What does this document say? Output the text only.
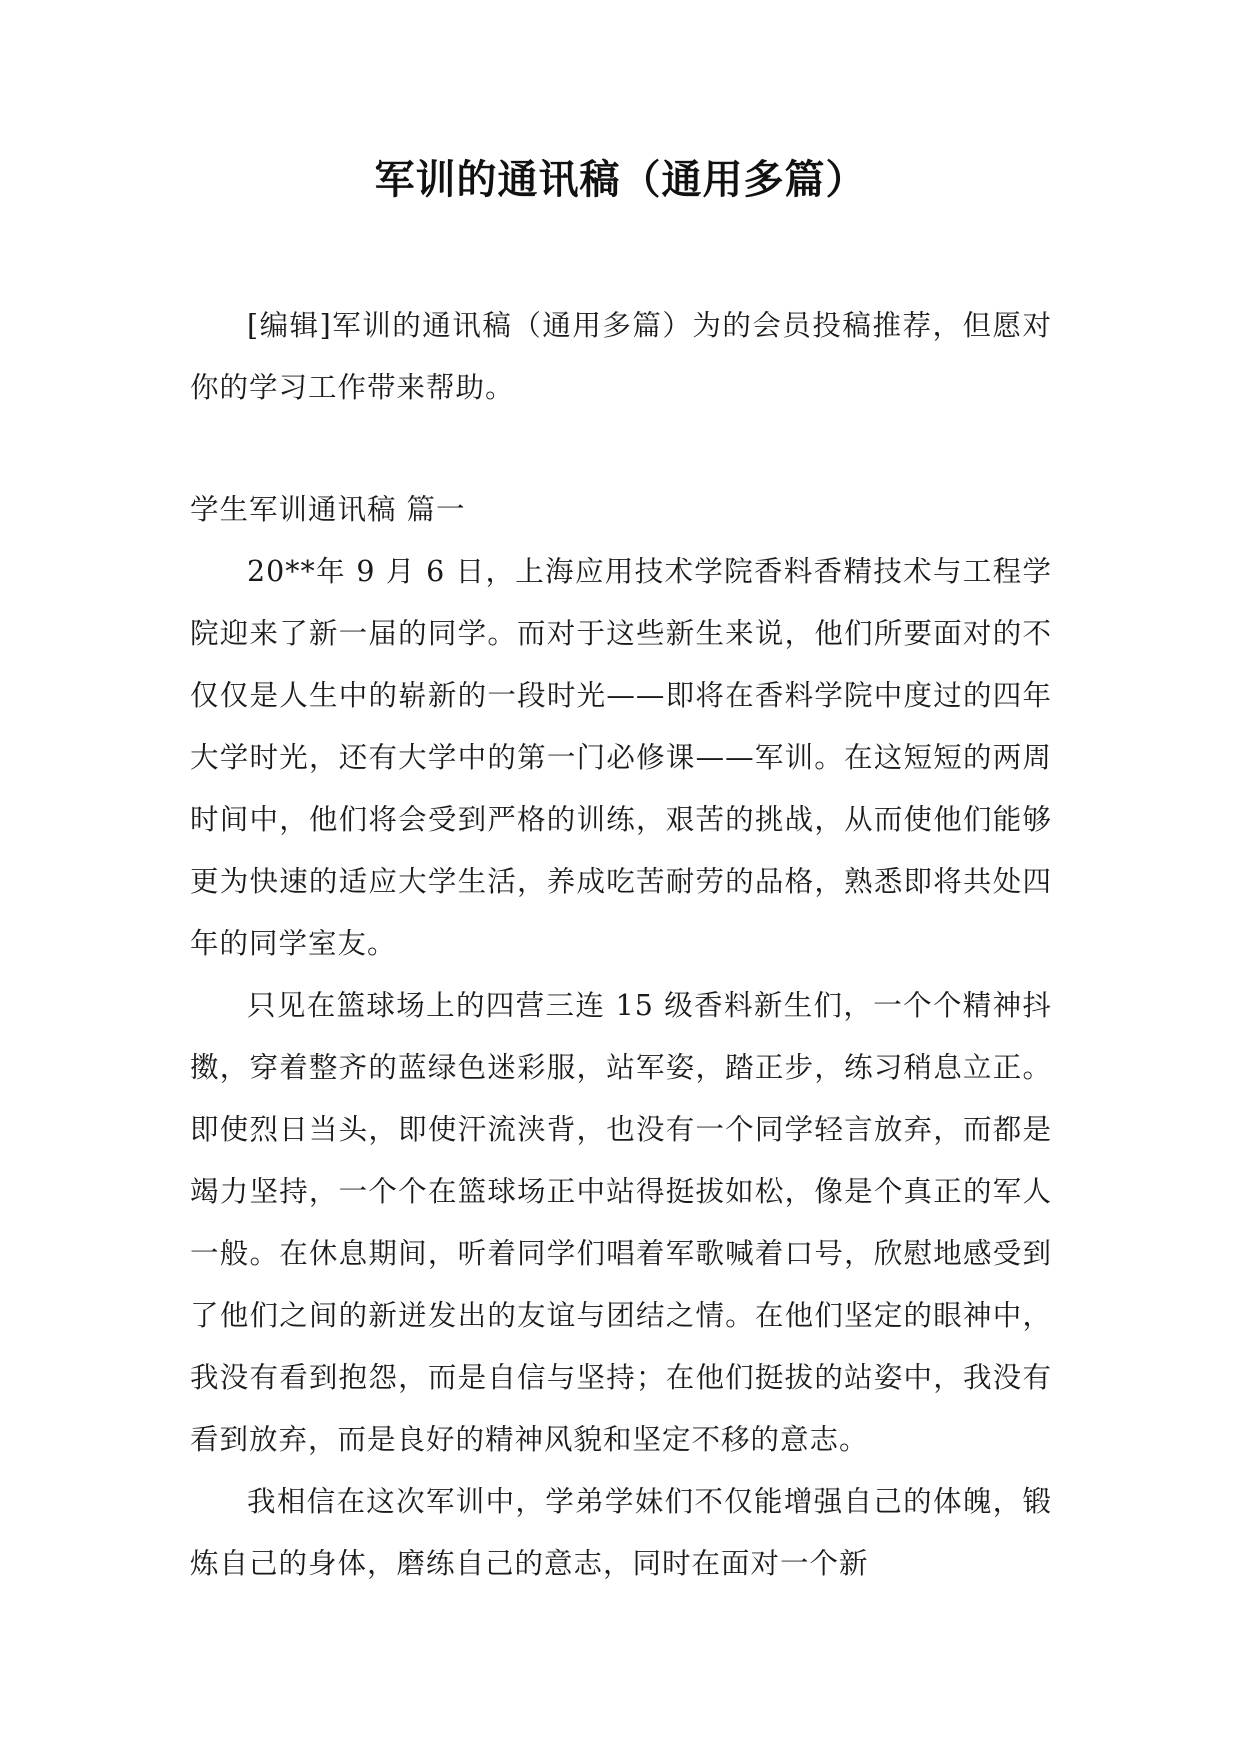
军训的通讯稿（通用多篇）

[编辑]军训的通讯稿（通用多篇）为的会员投稿推荐，但愿对你的学习工作带来帮助。

学生军训通讯稿 篇一

20**年 9 月 6 日，上海应用技术学院香料香精技术与工程学院迎来了新一届的同学。而对于这些新生来说，他们所要面对的不仅仅是人生中的崭新的一段时光——即将在香料学院中度过的四年大学时光，还有大学中的第一门必修课——军训。在这短短的两周时间中，他们将会受到严格的训练，艰苦的挑战，从而使他们能够更为快速的适应大学生活，养成吃苦耐劳的品格，熟悉即将共处四年的同学室友。

只见在篮球场上的四营三连 15 级香料新生们，一个个精神抖擞，穿着整齐的蓝绿色迷彩服，站军姿，踏正步，练习稍息立正。即使烈日当头，即使汗流浃背，也没有一个同学轻言放弃，而都是竭力坚持，一个个在篮球场正中站得挺拔如松，像是个真正的军人一般。在休息期间，听着同学们唱着军歌喊着口号，欣慰地感受到了他们之间的新迸发出的友谊与团结之情。在他们坚定的眼神中，我没有看到抱怨，而是自信与坚持；在他们挺拔的站姿中，我没有看到放弃，而是良好的精神风貌和坚定不移的意志。

我相信在这次军训中，学弟学妹们不仅能增强自己的体魄，锻炼自己的身体，磨练自己的意志，同时在面对一个新
